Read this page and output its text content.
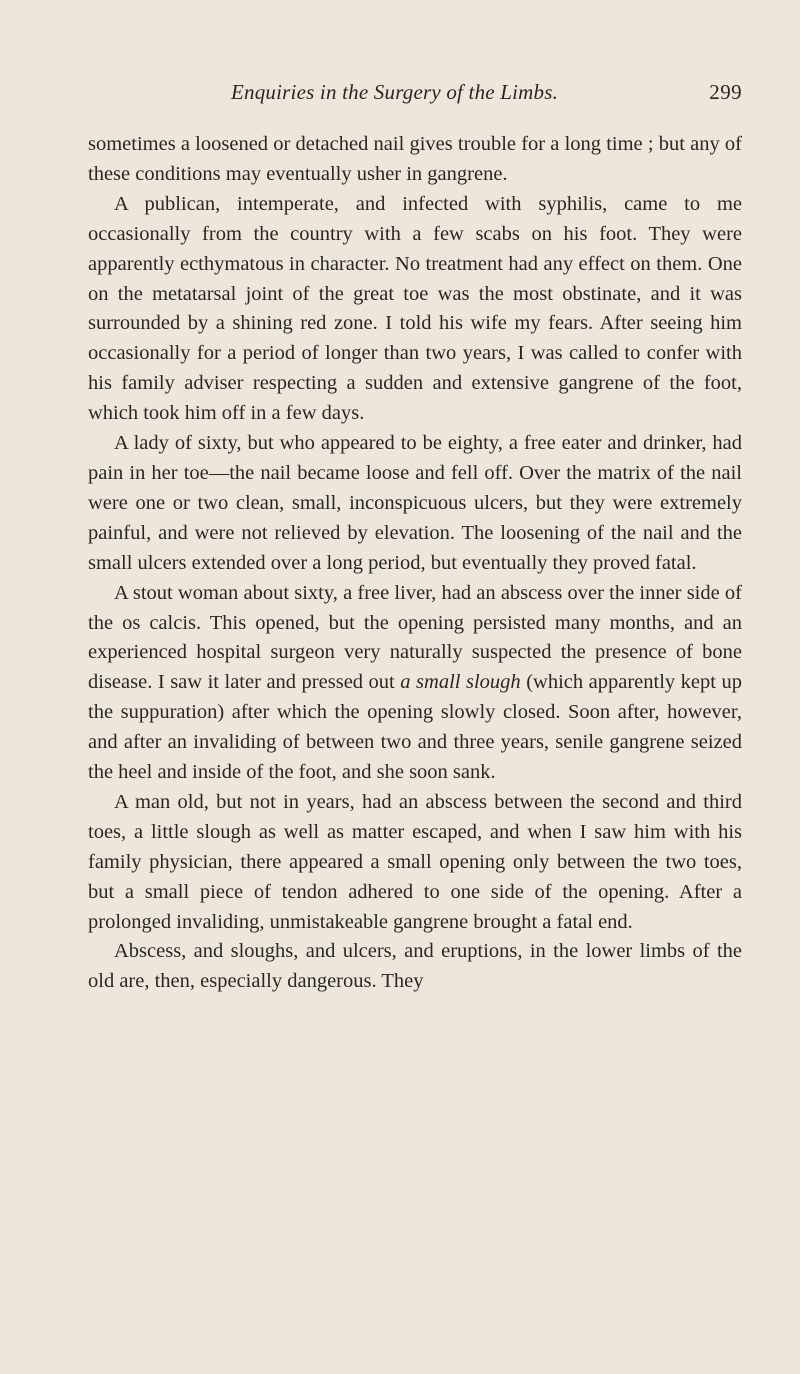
Enquiries in the Surgery of the Limbs.	299

sometimes a loosened or detached nail gives trouble for a long time ; but any of these conditions may eventually usher in gangrene.

A publican, intemperate, and infected with syphilis, came to me occasionally from the country with a few scabs on his foot. They were apparently ecthymatous in character. No treatment had any effect on them. One on the metatarsal joint of the great toe was the most obstinate, and it was surrounded by a shining red zone. I told his wife my fears. After seeing him occasionally for a period of longer than two years, I was called to confer with his family adviser respecting a sudden and extensive gangrene of the foot, which took him off in a few days.

A lady of sixty, but who appeared to be eighty, a free eater and drinker, had pain in her toe—the nail became loose and fell off. Over the matrix of the nail were one or two clean, small, inconspicuous ulcers, but they were extremely painful, and were not relieved by elevation. The loosening of the nail and the small ulcers extended over a long period, but eventually they proved fatal.

A stout woman about sixty, a free liver, had an abscess over the inner side of the os calcis. This opened, but the opening persisted many months, and an experienced hospital surgeon very naturally suspected the presence of bone disease. I saw it later and pressed out a small slough (which apparently kept up the suppuration) after which the opening slowly closed. Soon after, however, and after an invaliding of between two and three years, senile gangrene seized the heel and inside of the foot, and she soon sank.

A man old, but not in years, had an abscess between the second and third toes, a little slough as well as matter escaped, and when I saw him with his family physician, there appeared a small opening only between the two toes, but a small piece of tendon adhered to one side of the opening. After a prolonged invaliding, unmistakeable gangrene brought a fatal end.

Abscess, and sloughs, and ulcers, and eruptions, in the lower limbs of the old are, then, especially dangerous. They
